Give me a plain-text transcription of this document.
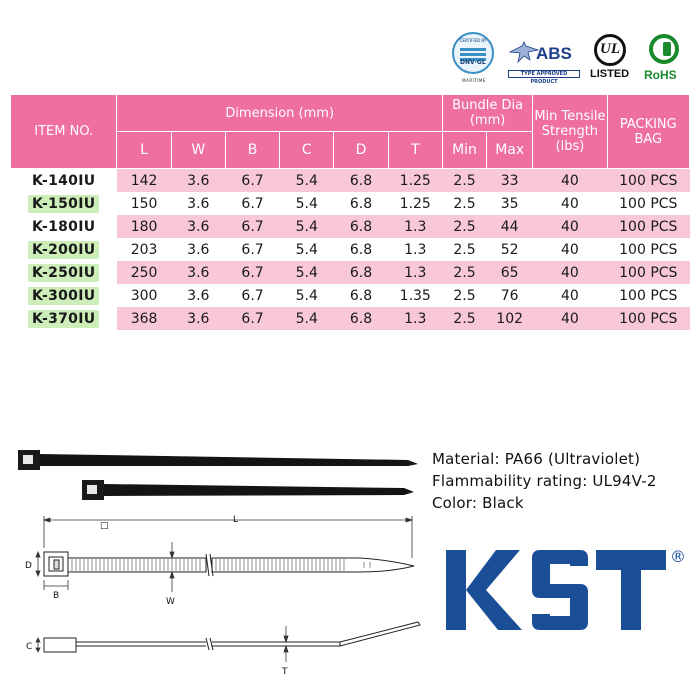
CERTIFIED BY
DNV·GL
MARITIME
ABS
TYPE APPROVED PRODUCT
UL
LISTED RoHS
ITEM NO.	Dimension (mm)						Bundle Dia (mm)		Min Tensile Strength (lbs)	PACKING BAG
	L	W	B	C	D	T	Min	Max		
K-140IU	142	3.6	6.7	5.4	6.8	1.25	2.5	33	40	100 PCS
K-150IU	150	3.6	6.7	5.4	6.8	1.25	2.5	35	40	100 PCS
K-180IU	180	3.6	6.7	5.4	6.8	1.3	2.5	44	40	100 PCS
K-200IU	203	3.6	6.7	5.4	6.8	1.3	2.5	52	40	100 PCS
K-250IU	250	3.6	6.7	5.4	6.8	1.3	2.5	65	40	100 PCS
K-300IU	300	3.6	6.7	5.4	6.8	1.35	2.5	76	40	100 PCS
K-370IU	368	3.6	6.7	5.4	6.8	1.3	2.5	102	40	100 PCS
□
L
D
B
W
C
T
Material: PA66 (Ultraviolet)
Flammability rating: UL94V-2
Color: Black
®
KST
